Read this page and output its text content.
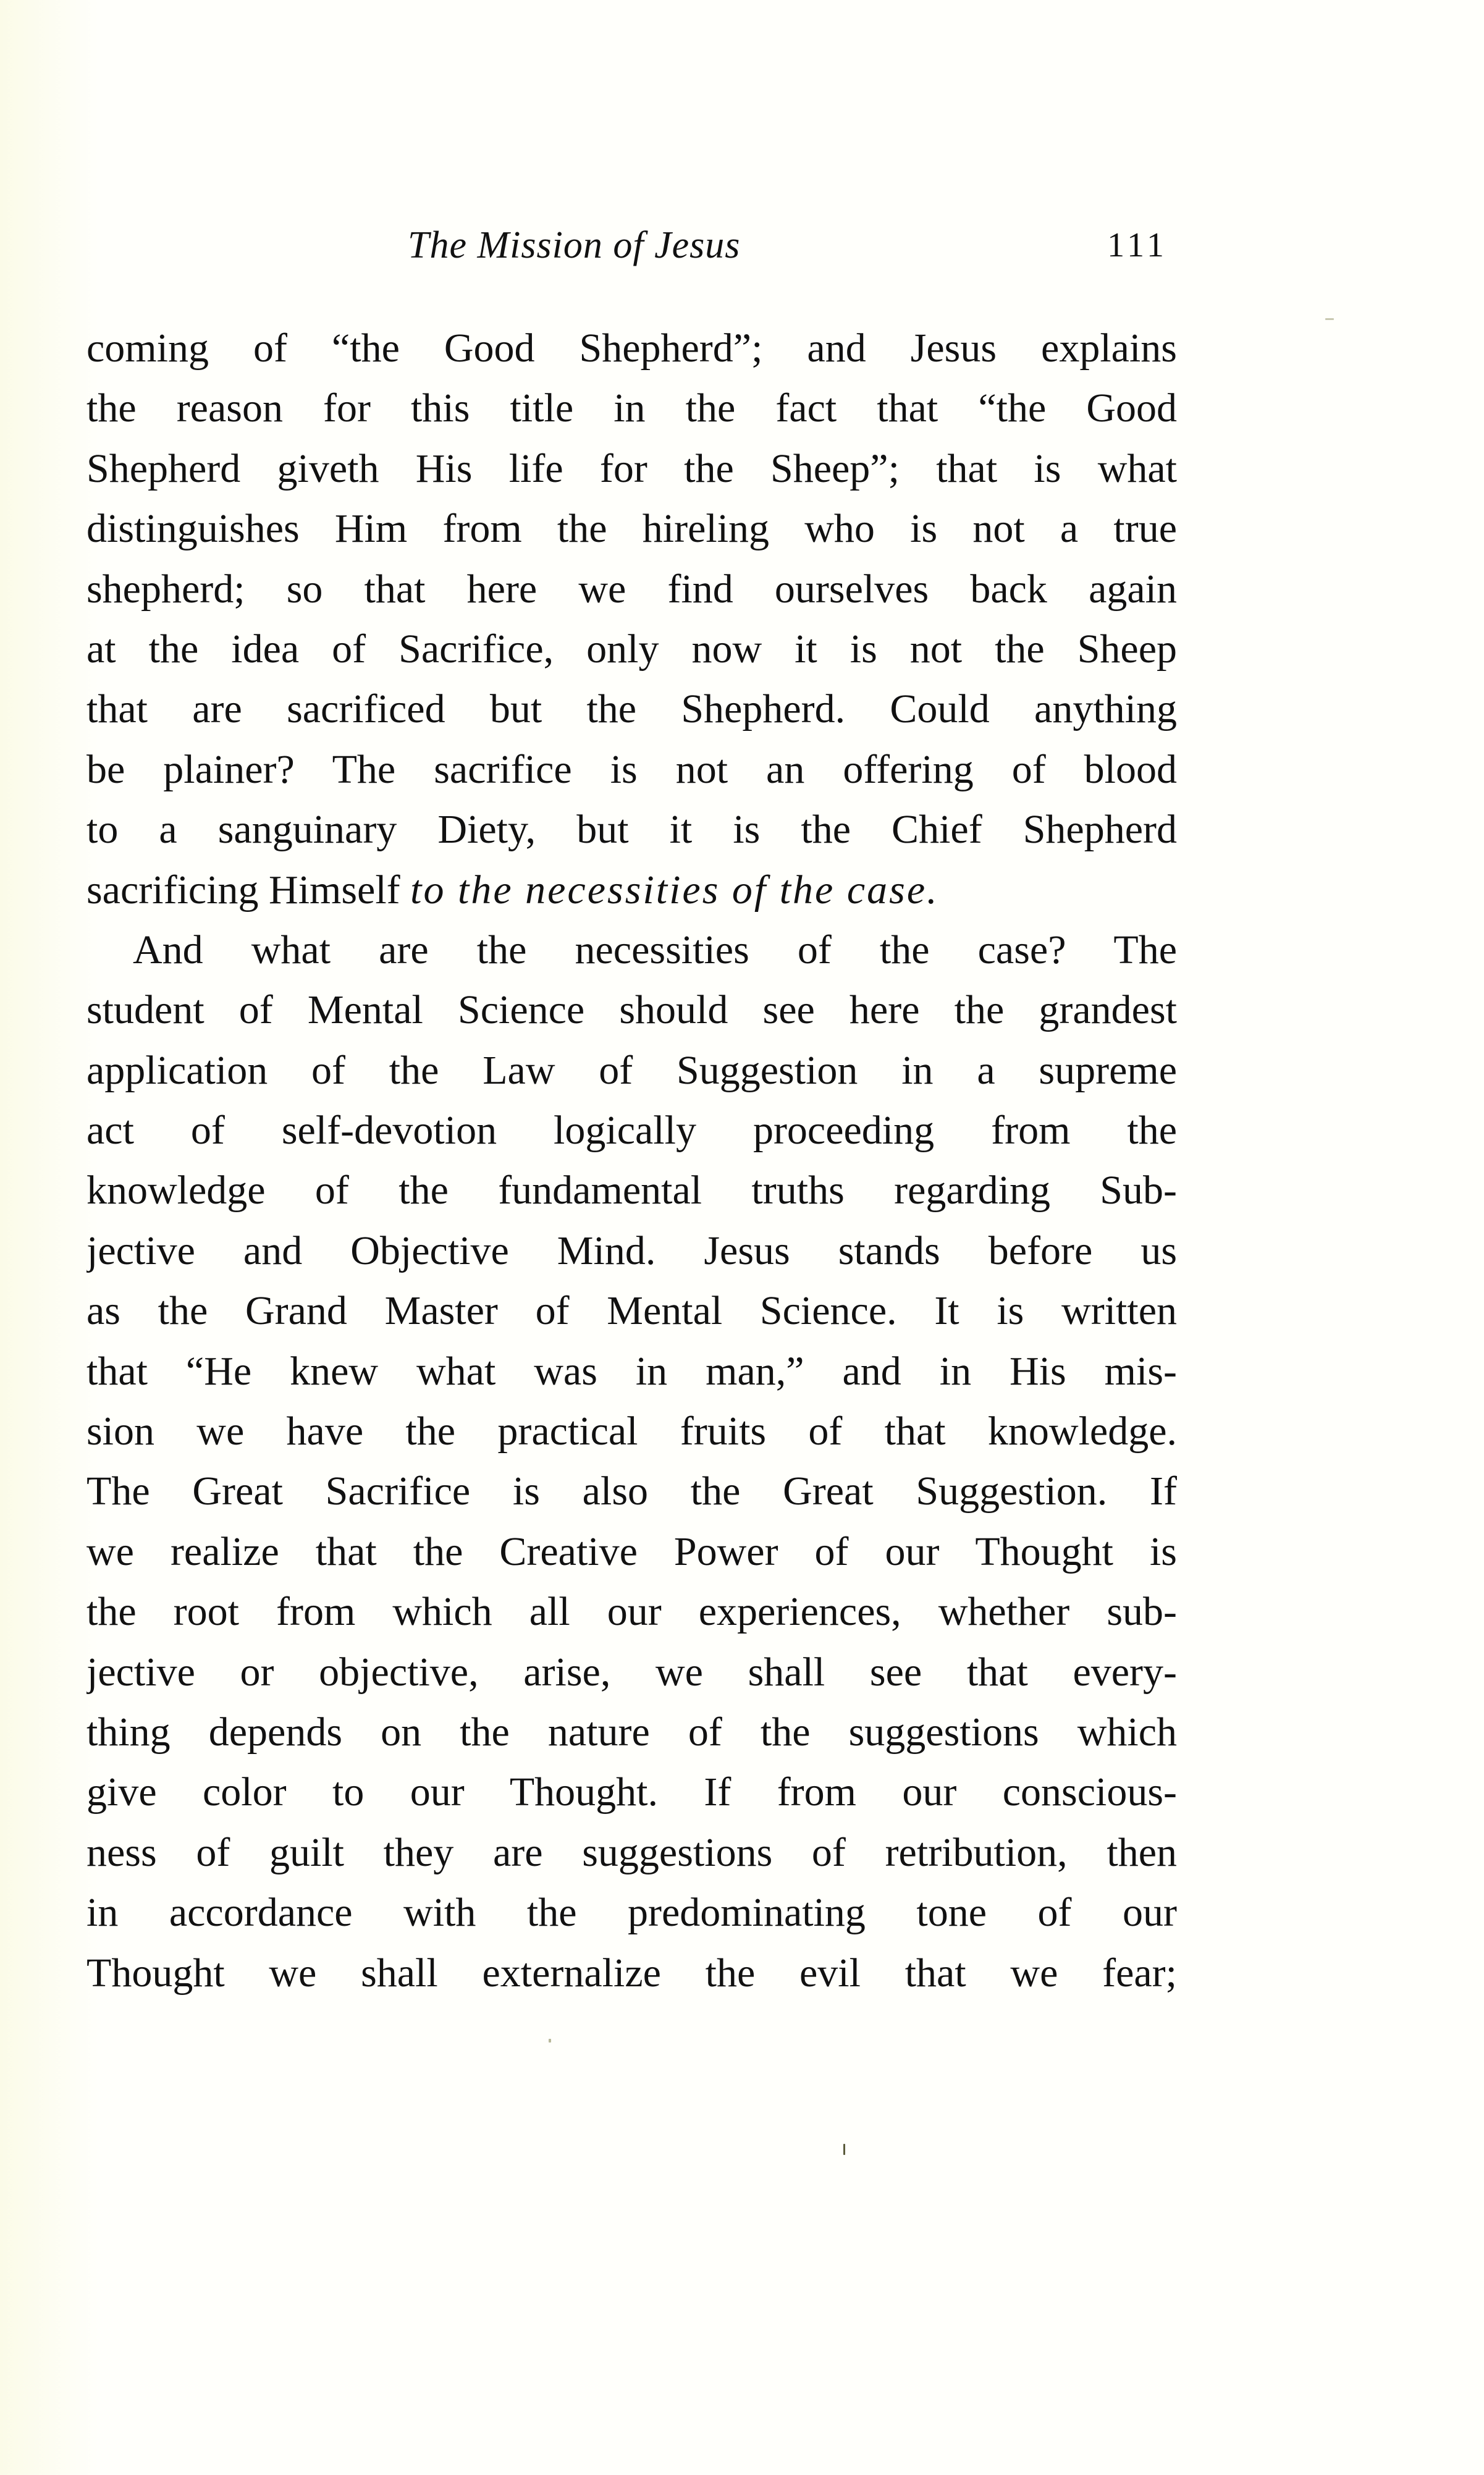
The Mission of Jesus	111
coming of “the Good Shepherd”; and Jesus explains
the reason for this title in the fact that “the Good
Shepherd giveth His life for the Sheep”; that is what
distinguishes Him from the hireling who is not a true
shepherd; so that here we find ourselves back again
at the idea of Sacrifice, only now it is not the Sheep
that are sacrificed but the Shepherd. Could anything
be plainer? The sacrifice is not an offering of blood
to a sanguinary Diety, but it is the Chief Shepherd
sacrificing Himself to the necessities of the case.
And what are the necessities of the case? The
student of Mental Science should see here the grandest
application of the Law of Suggestion in a supreme
act of self-devotion logically proceeding from the
knowledge of the fundamental truths regarding Sub-
jective and Objective Mind. Jesus stands before us
as the Grand Master of Mental Science. It is written
that “He knew what was in man,” and in His mis-
sion we have the practical fruits of that knowledge.
The Great Sacrifice is also the Great Suggestion. If
we realize that the Creative Power of our Thought is
the root from which all our experiences, whether sub-
jective or objective, arise, we shall see that every-
thing depends on the nature of the suggestions which
give color to our Thought. If from our conscious-
ness of guilt they are suggestions of retribution, then
in accordance with the predominating tone of our
Thought we shall externalize the evil that we fear;
